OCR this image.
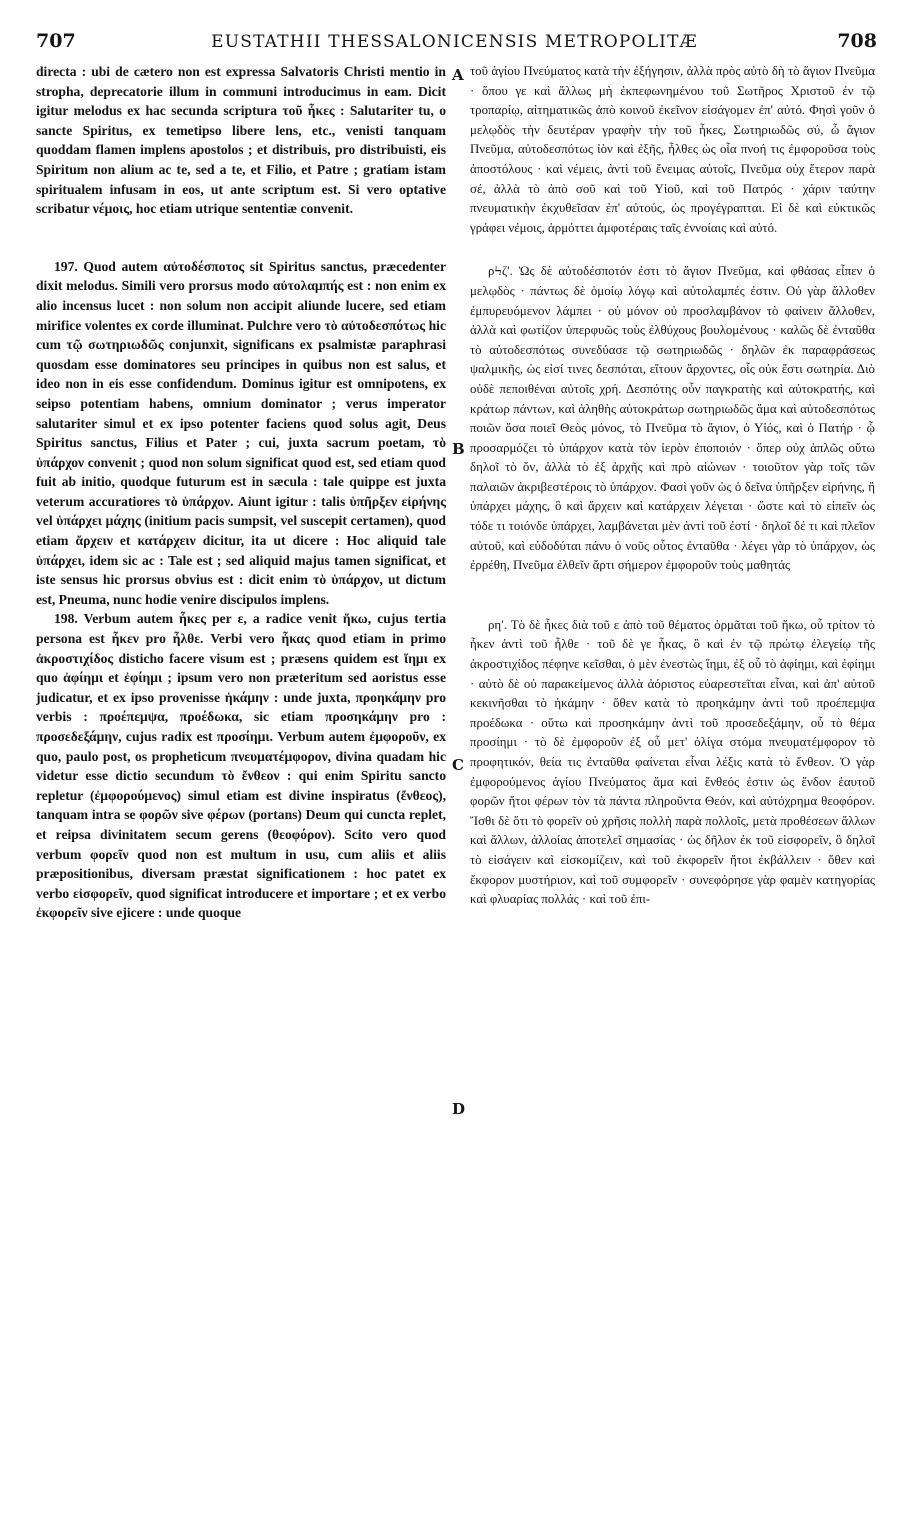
707	EUSTATHII THESSALONICENSIS METROPOLITÆ	708

directa : ubi de cætero non est expressa Salvatoris Christi mentio in stropha, deprecatorie illum in communi introducimus in eam. Dicit igitur melodus ex hac secunda scriptura τοῦ ἧκες : Salutariter tu, o sancte Spiritus, ex temetipso libere lens, etc., venisti tanquam quoddam flamen implens apostolos ; et distribuis, pro distribuisti, eis Spiritum non alium ac te, sed a te, et Filio, et Patre ; gratiam istam spiritualem infusam in eos, ut ante scriptum est. Si vero optative scribatur νέμοις, hoc etiam utrique sententiæ convenit.

197. Quod autem αὐτοδέσποτος sit Spiritus sanctus, præcedenter dixit melodus. Simili vero prorsus modo αὐτολαμπής est : non enim ex alio incensus lucet : non solum non accipit aliunde lucere, sed etiam mirifice volentes ex corde illuminat. Pulchre vero τὸ αὐτοδεσπότως hic cum τῷ σωτηριωδῶς conjunxit, significans ex psalmistæ paraphrasi quosdam esse dominatores seu principes in quibus non est salus, et ideo non in eis esse confidendum. Dominus igitur est omnipotens, ex seipso potentiam habens, omnium dominator ; verus imperator salutariter simul et ex ipso potenter faciens quod solus agit, Deus Spiritus sanctus, Filius et Pater ; cui, juxta sacrum poetam, τὸ ὑπάρχον convenit ; quod non solum significat quod est, sed etiam quod fuit ab initio, quodque futurum est in sæcula : tale quippe est juxta veterum accuratiores τὸ ὑπάρχον. Aiunt igitur : talis ὑπῆρξεν εἰρήνης vel ὑπάρχει μάχης (initium pacis sumpsit, vel suscepit certamen), quod etiam ἄρχειν et κατάρχειν dicitur, ita ut dicere : Hoc aliquid tale ὑπάρχει, idem sic ac : Tale est ; sed aliquid majus tamen significat, et iste sensus hic prorsus obvius est : dicit enim τὸ ὑπάρχον, ut dictum est, Pneuma, nunc hodie venire discipulos implens.

198. Verbum autem ἧκες per ε, a radice venit ἥκω, cujus tertia persona est ἧκεν pro ἦλθε. Verbi vero ἧκας quod etiam in primo ἀκροστιχίδος disticho facere visum est ; præsens quidem est ἵημι ex quo ἀφίημι et ἐφίημι ; ipsum vero non præteritum sed aoristus esse judicatur, et ex ipso provenisse ἡκάμην : unde juxta, προηκάμην pro verbis : προέπεμψα, προέδωκα, sic etiam προσηκάμην pro : προσεδεξάμην, cujus radix est προσίημι. Verbum autem ἐμφοροῦν, ex quo, paulo post, os propheticum πνευματέμφορον, divina quadam hic videtur esse dictio secundum τὸ ἔνθεον : qui enim Spiritu sancto repletur (ἐμφορούμενος) simul etiam est divine inspiratus (ἔνθεος), tanquam intra se φορῶν sive φέρων (portans) Deum qui cuncta replet, et reipsa divinitatem secum gerens (θεοφόρον). Scito vero quod verbum φορεῖν quod non est multum in usu, cum aliis et aliis præpositionibus, diversam præstat significationem : hoc patet ex verbo εἰσφορεῖν, quod significat introducere et importare ; et ex verbo ἐκφορεῖν sive ejicere : unde quoque

A
B
C
D

τοῦ ἁγίου Πνεύματος κατὰ τὴν ἐξήγησιν, ἀλλὰ πρὸς αὐτὸ δὴ τὸ ἅγιον Πνεῦμα · ὅπου γε καὶ ἄλλως μὴ ἐκπεφωνημένου τοῦ Σωτῆρος Χριστοῦ ἐν τῷ τροπαρίῳ, αἰτηματικῶς ἀπὸ κοινοῦ ἐκεῖνον εἰσάγομεν ἐπ' αὐτό. Φησὶ γοῦν ὁ μελῳδὸς τὴν δευτέραν γραφὴν τὴν τοῦ ἧκες, Σωτηριωδῶς σύ, ὦ ἅγιον Πνεῦμα, αὐτοδεσπότως ἰὸν καὶ ἐξῆς, ἦλθες ὡς οἷα πνοή τις ἐμφοροῦσα τοὺς ἀποστόλους · καὶ νέμεις, ἀντὶ τοῦ ἔνειμας αὐτοῖς, Πνεῦμα οὐχ ἕτερον παρὰ σέ, ἀλλὰ τὸ ἀπὸ σοῦ καὶ τοῦ Υἱοῦ, καὶ τοῦ Πατρός · χάριν ταύτην πνευματικὴν ἐκχυθεῖσαν ἐπ' αὐτούς, ὡς προγέγραπται. Εἰ δὲ καὶ εὐκτικῶς γράφει νέμοις, ἁρμόττει ἀμφοτέραις ταῖς ἐννοίαις καὶ αὐτό.

ρϞζ'. Ὡς δὲ αὐτοδέσποτόν ἐστι τὸ ἅγιον Πνεῦμα, καὶ φθάσας εἶπεν ὁ μελῳδὸς · πάντως δὲ ὁμοίῳ λόγῳ καὶ αὐτολαμπές ἐστιν. Οὐ γὰρ ἄλλοθεν ἐμπυρευόμενον λάμπει · οὐ μόνον οὐ προσλαμβάνον τὸ φαίνειν ἄλλοθεν, ἀλλὰ καὶ φωτίζον ὑπερφυῶς τοὺς ἐλθύχους βουλομένους · καλῶς δὲ ἐνταῦθα τὸ αὐτοδεσπότως συνεδύασε τῷ σωτηριωδῶς · δηλῶν ἐκ παραφράσεως ψαλμικῆς, ὡς εἰσί τινες δεσπόται, εἴτουν ἄρχοντες, οἷς οὐκ ἔστι σωτηρία. Διὸ οὐδὲ πεποιθέναι αὐτοῖς χρή. Δεσπότης οὖν παγκρατὴς καὶ αὐτοκρατής, καὶ κράτωρ πάντων, καὶ ἀληθὴς αὐτοκράτωρ σωτηριωδῶς ἅμα καὶ αὐτοδεσπότως ποιῶν ὅσα ποιεῖ Θεὸς μόνος, τὸ Πνεῦμα τὸ ἅγιον, ὁ Υἱός, καὶ ὁ Πατήρ · ᾧ προσαρμόζει τὸ ὑπάρχον κατὰ τὸν ἱερὸν ἐποποιόν · ὅπερ οὐχ ἁπλῶς οὕτω δηλοῖ τὸ ὄν, ἀλλὰ τὸ ἐξ ἀρχῆς καὶ πρὸ αἰώνων · τοιοῦτον γὰρ τοῖς τῶν παλαιῶν ἀκριβεστέροις τὸ ὑπάρχον. Φασὶ γοῦν ὡς ὁ δεῖνα ὑπῆρξεν εἰρήνης, ἢ ὑπάρχει μάχης, ὃ καὶ ἄρχειν καὶ κατάρχειν λέγεται · ὥστε καὶ τὸ εἰπεῖν ὡς τόδε τι τοιόνδε ὑπάρχει, λαμβάνεται μὲν ἀντὶ τοῦ ἐστί · δηλοῖ δέ τι καὶ πλεῖον αὐτοῦ, καὶ εὐδοδύται πάνυ ὁ νοῦς οὗτος ἐνταῦθα · λέγει γὰρ τὸ ὑπάρχον, ὡς ἐρρέθη, Πνεῦμα ἐλθεῖν ἄρτι σήμερον ἐμφοροῦν τοὺς μαθητάς

ρηʹ. Τὸ δὲ ἧκες διὰ τοῦ ε ἀπὸ τοῦ θέματος ὁρμᾶται τοῦ ἥκω, οὗ τρίτον τὸ ἧκεν ἀντὶ τοῦ ἦλθε · τοῦ δὲ γε ἧκας, ὃ καὶ ἐν τῷ πρώτῳ ἐλεγείῳ τῆς ἀκροστιχίδος πέφηνε κεῖσθαι, ὁ μὲν ἐνεστὼς ἵημι, ἐξ οὗ τὸ ἀφίημι, καὶ ἐφίημι · αὐτὸ δὲ οὐ παρακείμενος ἀλλὰ ἀόριστος εὐαρεστεῖται εἶναι, καὶ ἀπ' αὐτοῦ κεκινῆσθαι τὸ ἡκάμην · ὅθεν κατὰ τὸ προηκάμην ἀντὶ τοῦ προέπεμψα προέδωκα · οὕτω καὶ προσηκάμην ἀντὶ τοῦ προσεδεξάμην, οὗ τὸ θέμα προσίημι · τὸ δὲ ἐμφοροῦν ἐξ οὗ μετ' ὀλίγα στόμα πνευματέμφορον τὸ προφητικόν, θεία τις ἐνταῦθα φαίνεται εἶναι λέξις κατὰ τὸ ἔνθεον. Ὁ γὰρ ἐμφορούμενος ἁγίου Πνεύματος ἅμα καὶ ἔνθεός ἐστιν ὡς ἔνδον ἑαυτοῦ φορῶν ἤτοι φέρων τὸν τὰ πάντα πληροῦντα Θεόν, καὶ αὐτόχρημα θεοφόρον. Ἴσθι δὲ ὅτι τὸ φορεῖν οὐ χρῆσις πολλὴ παρὰ πολλοῖς, μετὰ προθέσεων ἄλλων καὶ ἄλλων, ἀλλοίας ἀποτελεῖ σημασίας · ὡς δῆλον ἐκ τοῦ εἰσφορεῖν, ὃ δηλοῖ τὸ εἰσάγειν καὶ εἰσκομίζειν, καὶ τοῦ ἐκφορεῖν ἤτοι ἐκβάλλειν · ὅθεν καὶ ἔκφορον μυστήριον, καὶ τοῦ συμφορεῖν · συνεφόρησε γὰρ φαμὲν κατηγορίας καὶ φλυαρίας πολλάς · καὶ τοῦ ἐπι-
